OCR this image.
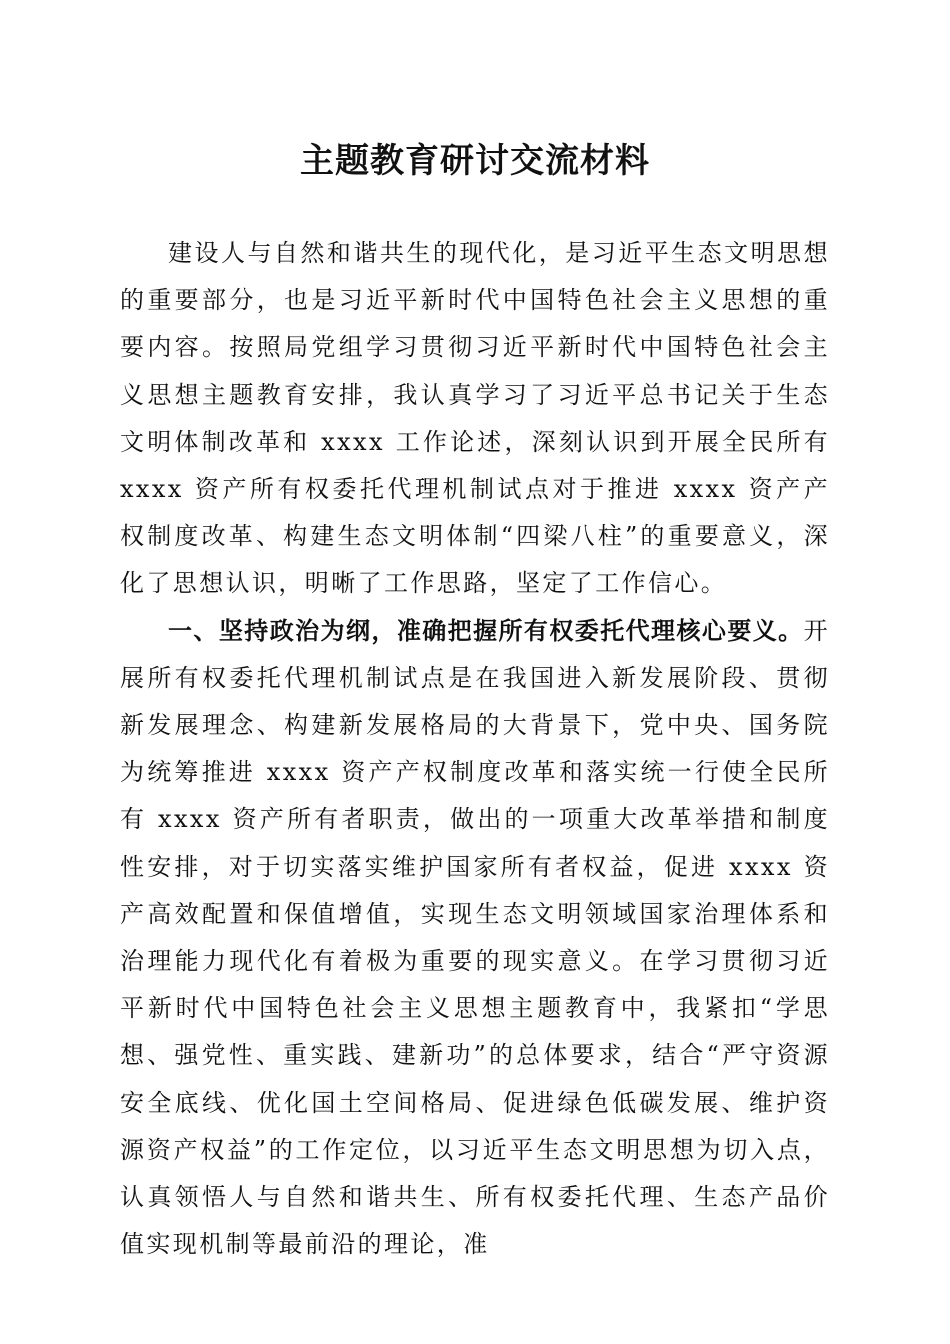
主题教育研讨交流材料

建设人与自然和谐共生的现代化，是习近平生态文明思想的重要部分，也是习近平新时代中国特色社会主义思想的重要内容。按照局党组学习贯彻习近平新时代中国特色社会主义思想主题教育安排，我认真学习了习近平总书记关于生态文明体制改革和 xxxx 工作论述，深刻认识到开展全民所有 xxxx 资产所有权委托代理机制试点对于推进 xxxx 资产产权制度改革、构建生态文明体制“四梁八柱”的重要意义，深化了思想认识，明晰了工作思路，坚定了工作信心。

一、坚持政治为纲，准确把握所有权委托代理核心要义。开展所有权委托代理机制试点是在我国进入新发展阶段、贯彻新发展理念、构建新发展格局的大背景下，党中央、国务院为统筹推进 xxxx 资产产权制度改革和落实统一行使全民所有 xxxx 资产所有者职责，做出的一项重大改革举措和制度性安排，对于切实落实维护国家所有者权益，促进 xxxx 资产高效配置和保值增值，实现生态文明领域国家治理体系和治理能力现代化有着极为重要的现实意义。在学习贯彻习近平新时代中国特色社会主义思想主题教育中，我紧扣“学思想、强党性、重实践、建新功”的总体要求，结合“严守资源安全底线、优化国土空间格局、促进绿色低碳发展、维护资源资产权益”的工作定位，以习近平生态文明思想为切入点，认真领悟人与自然和谐共生、所有权委托代理、生态产品价值实现机制等最前沿的理论，准
